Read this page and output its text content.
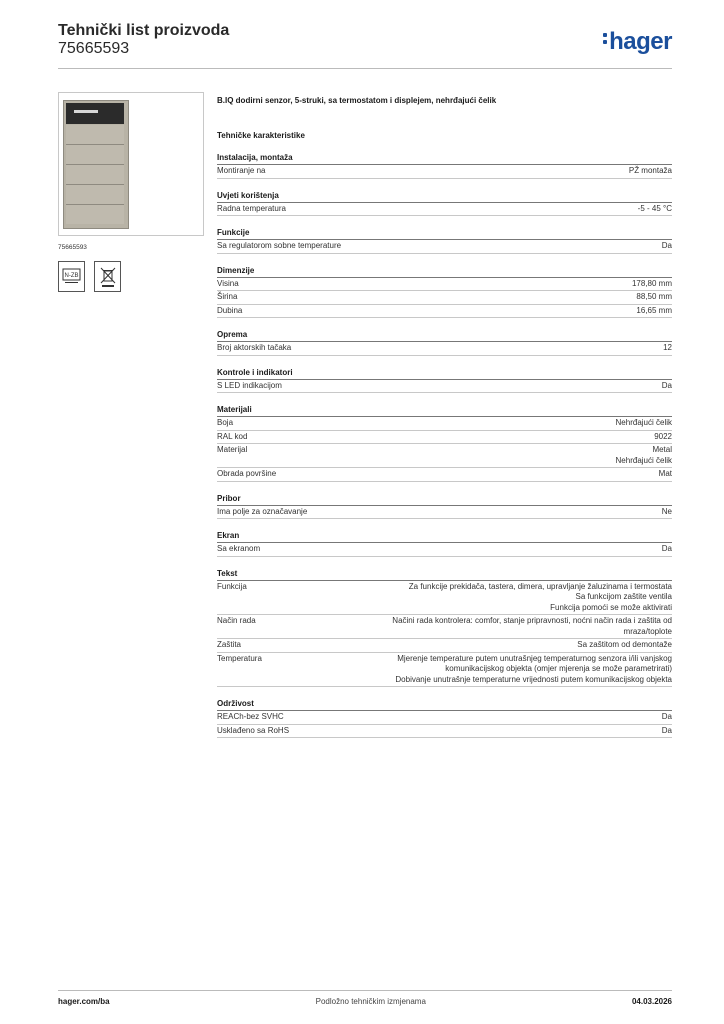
Tehnički list proizvoda
75665593	hager
75665593
N-ZB
B.IQ dodirni senzor, 5-struki, sa termostatom i displejem, nehrđajući čelik
Tehničke karakteristike
Instalacija, montaža
Montiranje na	PŽ montaža
Uvjeti korištenja
Radna temperatura	-5 - 45 °C
Funkcije
Sa regulatorom sobne temperature	Da
Dimenzije
Visina	178,80 mm
Širina	88,50 mm
Dubina	16,65 mm
Oprema
Broj aktorskih tačaka	12
Kontrole i indikatori
S LED indikacijom	Da
Materijali
Boja	Nehrđajući čelik
RAL kod	9022
Materijal	Metal
Nehrđajući čelik
Obrada površine	Mat
Pribor
Ima polje za označavanje	Ne
Ekran
Sa ekranom	Da
Tekst
Funkcija	Za funkcije prekidača, tastera, dimera, upravljanje žaluzinama i termostata
Sa funkcijom zaštite ventila
Funkcija pomoći se može aktivirati
Način rada	Načini rada kontrolera: comfor, stanje pripravnosti, noćni način rada i zaštita od mraza/toplote
Zaštita	Sa zaštitom od demontaže
Temperatura	Mjerenje temperature putem unutrašnjeg temperaturnog senzora i/ili vanjskog komunikacijskog objekta (omjer mjerenja se može parametrirati)
Dobivanje unutrašnje temperaturne vrijednosti putem komunikacijskog objekta
Održivost
REACh-bez SVHC	Da
Usklađeno sa RoHS	Da
hager.com/ba	Podložno tehničkim izmjenama	04.03.2026
